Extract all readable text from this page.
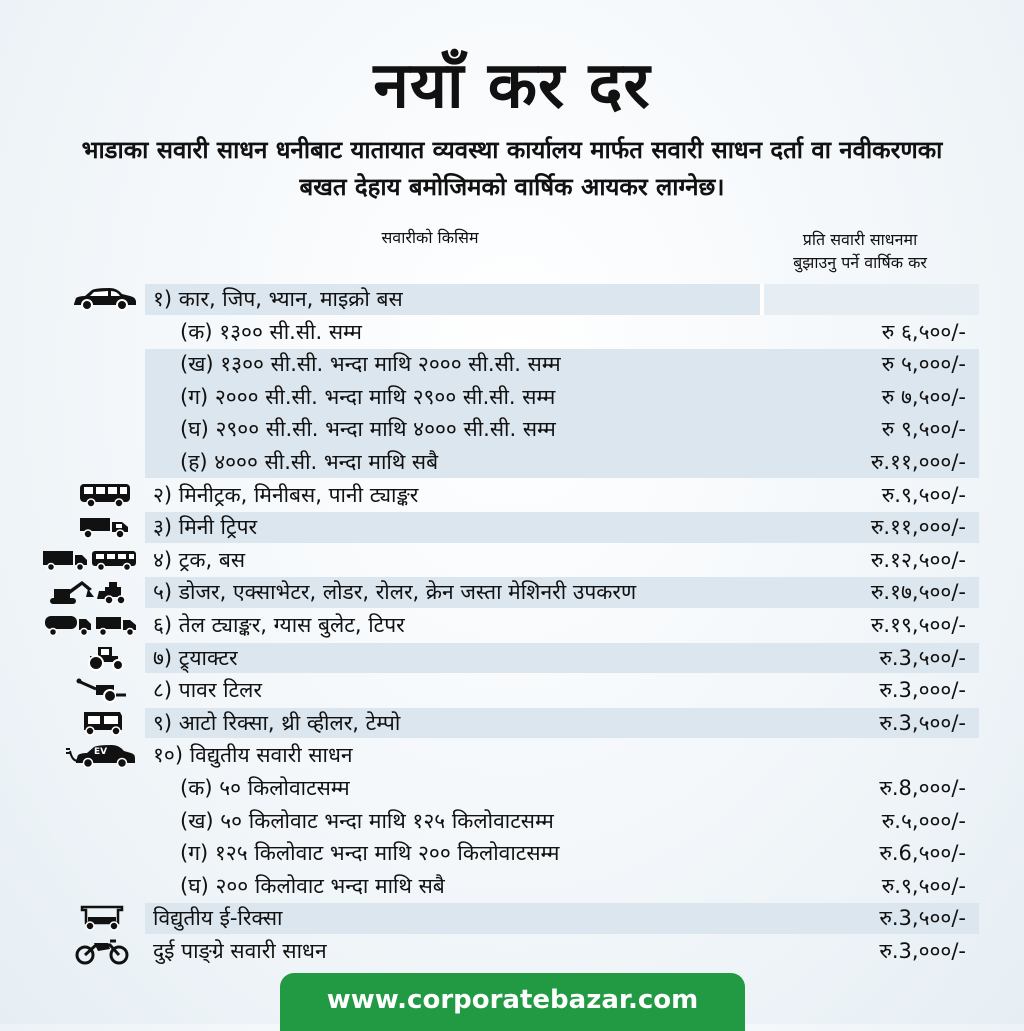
नयाँ कर दर
भाडाका सवारी साधन धनीबाट यातायात व्यवस्था कार्यालय मार्फत सवारी साधन दर्ता वा नवीकरणका बखत देहाय बमोजिमको वार्षिक आयकर लाग्नेछ।
सवारीको किसिम	प्रति सवारी साधनमा
बुझाउनु पर्ने वार्षिक कर
१) कार, जिप, भ्यान, माइक्रो बस
(क) १३०० सी.सी. सम्म	रु ६,५००/-
(ख) १३०० सी.सी. भन्दा माथि २००० सी.सी. सम्म	रु ५,०००/-
(ग) २००० सी.सी. भन्दा माथि २९०० सी.सी. सम्म	रु ७,५००/-
(घ) २९०० सी.सी. भन्दा माथि ४००० सी.सी. सम्म	रु ९,५००/-
(ह) ४००० सी.सी. भन्दा माथि सबै	रु.११,०००/-
२) मिनीट्रक, मिनीबस, पानी ट्याङ्कर	रु.९,५००/-
३) मिनी ट्रिपर	रु.११,०००/-
४) ट्रक, बस	रु.१२,५००/-
५) डोजर, एक्साभेटर, लोडर, रोलर, क्रेन जस्ता मेशिनरी उपकरण	रु.१७,५००/-
६) तेल ट्याङ्कर, ग्यास बुलेट, टिपर	रु.१९,५००/-
७) ट्र्याक्टर	रु.3,५००/-
८) पावर टिलर	रु.3,०००/-
९) आटो रिक्सा, थ्री व्हीलर, टेम्पो	रु.3,५००/-
EV १०) विद्युतीय सवारी साधन
(क) ५० किलोवाटसम्म	रु.8,०००/-
(ख) ५० किलोवाट भन्दा माथि १२५ किलोवाटसम्म	रु.५,०००/-
(ग) १२५ किलोवाट भन्दा माथि २०० किलोवाटसम्म	रु.6,५००/-
(घ) २०० किलोवाट भन्दा माथि सबै	रु.९,५००/-
विद्युतीय ई-रिक्सा	रु.3,५००/-
दुई पाङ्ग्रे सवारी साधन	रु.3,०००/-
www.corporatebazar.com
